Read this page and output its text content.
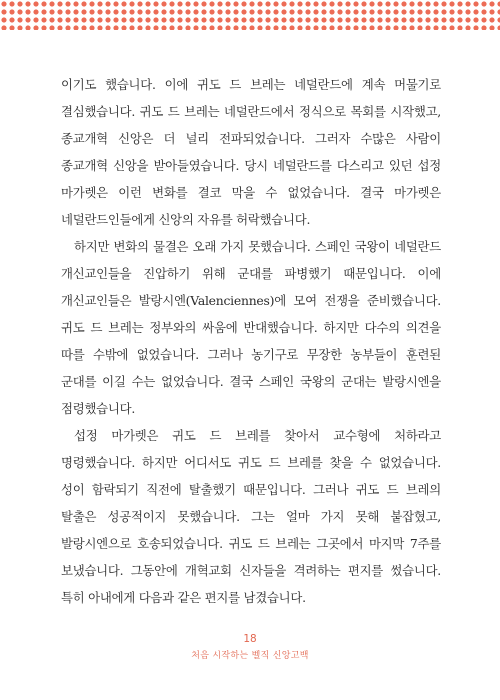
이기도 했습니다. 이에 귀도 드 브레는 네덜란드에 계속 머물기로 결심했습니다. 귀도 드 브레는 네덜란드에서 정식으로 목회를 시작했고, 종교개혁 신앙은 더 널리 전파되었습니다. 그러자 수많은 사람이 종교개혁 신앙을 받아들였습니다. 당시 네덜란드를 다스리고 있던 섭정 마가렛은 이런 변화를 결코 막을 수 없었습니다. 결국 마가렛은 네덜란드인들에게 신앙의 자유를 허락했습니다.

하지만 변화의 물결은 오래 가지 못했습니다. 스페인 국왕이 네덜란드 개신교인들을 진압하기 위해 군대를 파병했기 때문입니다. 이에 개신교인들은 발랑시엔(Valenciennes)에 모여 전쟁을 준비했습니다. 귀도 드 브레는 정부와의 싸움에 반대했습니다. 하지만 다수의 의견을 따를 수밖에 없었습니다. 그러나 농기구로 무장한 농부들이 훈련된 군대를 이길 수는 없었습니다. 결국 스페인 국왕의 군대는 발랑시엔을 점령했습니다.

섭정 마가렛은 귀도 드 브레를 찾아서 교수형에 처하라고 명령했습니다. 하지만 어디서도 귀도 드 브레를 찾을 수 없었습니다. 성이 함락되기 직전에 탈출했기 때문입니다. 그러나 귀도 드 브레의 탈출은 성공적이지 못했습니다. 그는 얼마 가지 못해 붙잡혔고, 발랑시엔으로 호송되었습니다. 귀도 드 브레는 그곳에서 마지막 7주를 보냈습니다. 그동안에 개혁교회 신자들을 격려하는 편지를 썼습니다. 특히 아내에게 다음과 같은 편지를 남겼습니다.

18
처음 시작하는 벨직 신앙고백
